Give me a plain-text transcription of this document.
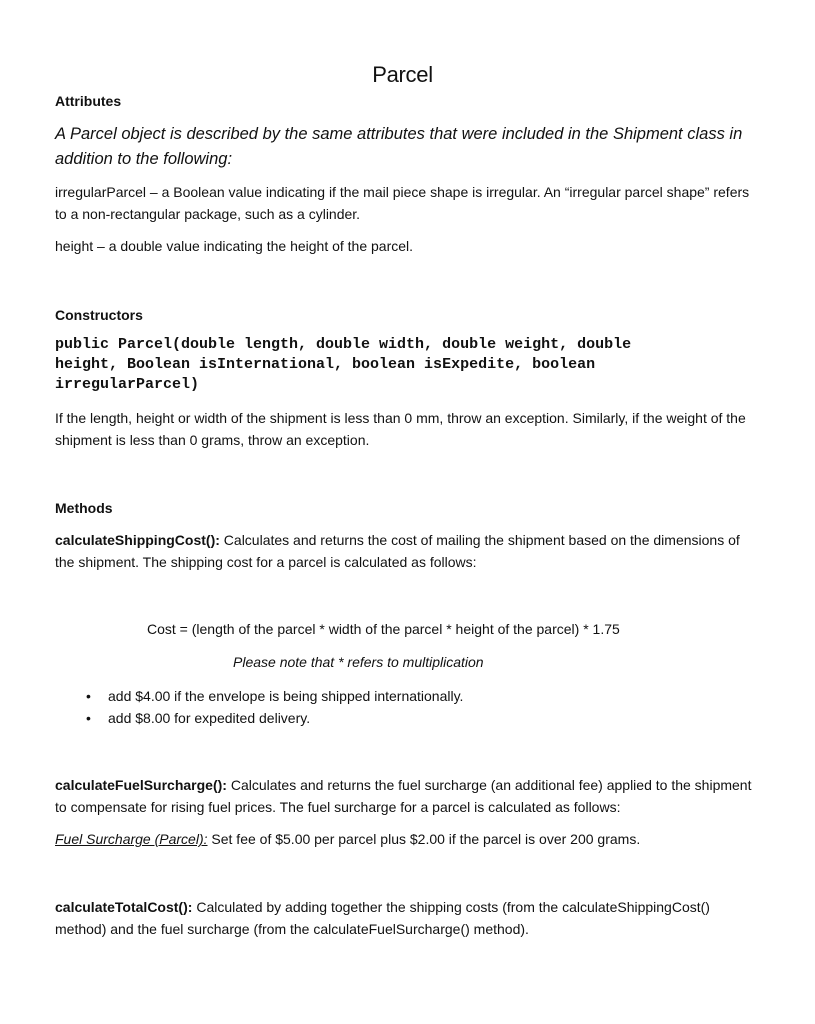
Parcel
Attributes
A Parcel object is described by the same attributes that were included in the Shipment class in addition to the following:
irregularParcel – a Boolean value indicating if the mail piece shape is irregular. An “irregular parcel shape” refers to a non-rectangular package, such as a cylinder.
height – a double value indicating the height of the parcel.
Constructors
public Parcel(double length, double width, double weight, double height, Boolean isInternational, boolean isExpedite, boolean irregularParcel)
If the length, height or width of the shipment is less than 0 mm, throw an exception. Similarly, if the weight of the shipment is less than 0 grams, throw an exception.
Methods
calculateShippingCost(): Calculates and returns the cost of mailing the shipment based on the dimensions of the shipment. The shipping cost for a parcel is calculated as follows:
Cost = (length of the parcel * width of the parcel * height of the parcel) * 1.75
Please note that * refers to multiplication
• add $4.00 if the envelope is being shipped internationally.
• add $8.00 for expedited delivery.
calculateFuelSurcharge(): Calculates and returns the fuel surcharge (an additional fee) applied to the shipment to compensate for rising fuel prices. The fuel surcharge for a parcel is calculated as follows:
Fuel Surcharge (Parcel): Set fee of $5.00 per parcel plus $2.00 if the parcel is over 200 grams.
calculateTotalCost(): Calculated by adding together the shipping costs (from the calculateShippingCost() method) and the fuel surcharge (from the calculateFuelSurcharge() method).
